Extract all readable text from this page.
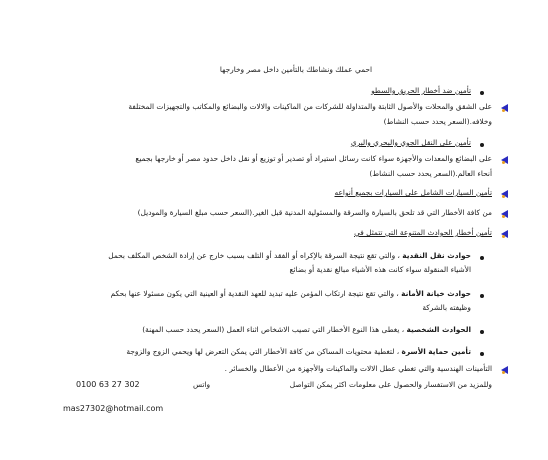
احمي عملك ونشاطك بالتأمين داخل مصر وخارجها
تأمين ضد أخطار الحريق والسطو
على الشقق والمحلات والأصول الثابتة والمتداولة للشركات من الماكينات والالات والبضائع والمكاتب والتجهيزات المختلفة
وخلافه.(السعر يحدد حسب النشاط)
تأمين على النقل الجوي والبحري والبري
على البضائع والمعدات والأجهزة سواء كانت رسائل استيراد أو تصدير أو توزيع أو نقل داخل حدود مصر أو خارجها بجميع
أنحاء العالم.(السعر يحدد حسب النشاط)
تأمين السيارات الشامل على السيارات بجميع أنواعه
من كافة الأخطار التي قد تلحق بالسيارة والسرقة والمسئولية المدنية قبل الغير.(السعر حسب مبلغ السيارة والموديل)
تأمين أخطار الحوادث المتنوعة التي تتمثل في
حوادث نقل النقدية ، والتي تقع نتيجة السرقة بالإكراه أو الفقد أو التلف بسبب خارج عن إرادة الشخص المكلف بحمل
الأشياء المنقولة سواء كانت هذه الأشياء مبالغ نقدية أو بضائع
حوادث خيانة الأمانة ، والتي تقع نتيجة ارتكاب المؤمن عليه تبديد للعهد النقدية أو العينية التي يكون مسئولا عنها بحكم
وظيفته بالشركة
الحوادث الشخصية ، يغطى هذا النوع الأخطار التي تصيب الاشخاص اثناء العمل (السعر يحدد حسب المهنة)
تأمين حماية الأسرة ، لتغطية محتويات المساكن من كافة الأخطار التي يمكن التعرض لها ويحمي الزوج والزوجة
التأمينات الهندسية والتي تغطي عطل الالات والماكينات والأجهزة من الأعطال والخسائر .
وللمزيد من الاستفسار والحصول على معلومات اكثر يمكن التواصل
واتس
0100 63 27 302
mas27302@hotmail.com
